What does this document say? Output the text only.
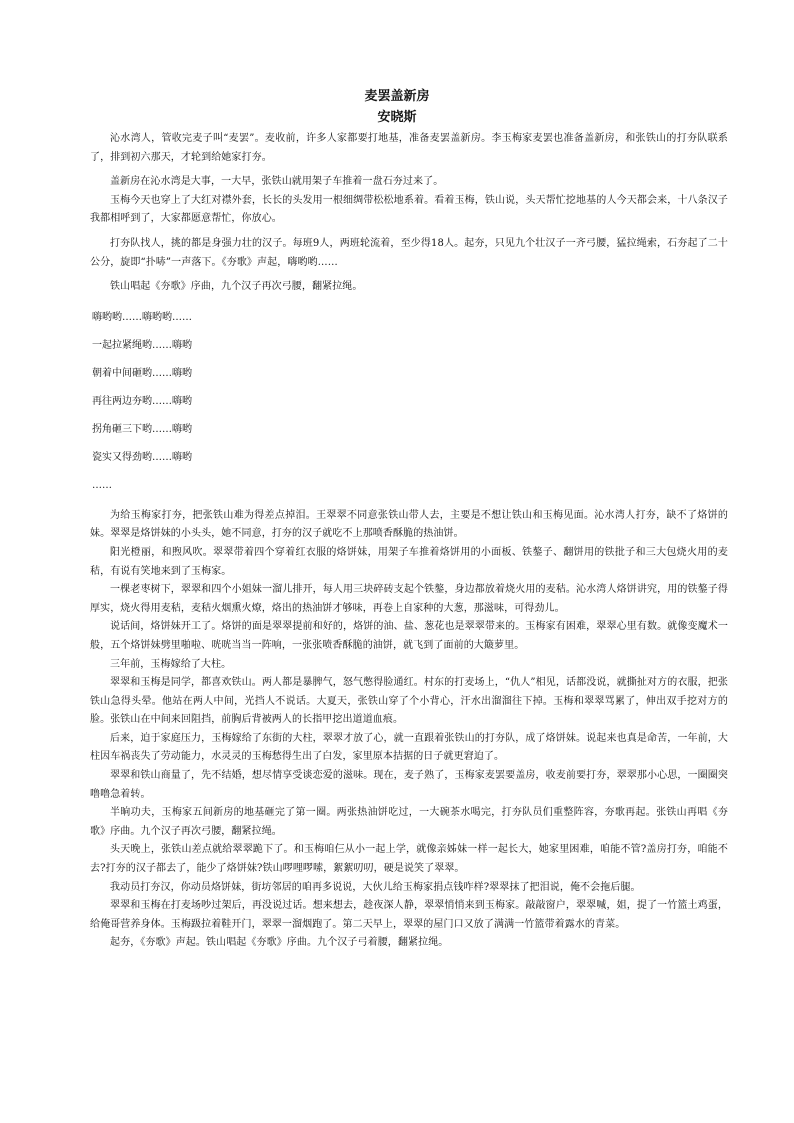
麦罢盖新房
安晓斯

沁水湾人，管收完麦子叫“麦罢”。麦收前，许多人家都要打地基，准备麦罢盖新房。李玉梅家麦罢也准备盖新房，和张铁山的打夯队联系了，排到初六那天，才轮到给她家打夯。

盖新房在沁水湾是大事，一大早，张铁山就用架子车推着一盘石夯过来了。

玉梅今天也穿上了大红对襟外套，长长的头发用一根细绸带松松地系着。看着玉梅，铁山说，头天帮忙挖地基的人今天都会来，十八条汉子我都相呼到了，大家都愿意帮忙，你放心。

打夯队找人，挑的都是身强力壮的汉子。每班9人，两班轮流着，至少得18人。起夯，只见九个壮汉子一齐弓腰，猛拉绳索，石夯起了二十公分，旋即“扑哧”一声落下。《夯歌》声起，嗨哟哟……

铁山唱起《夯歌》序曲，九个汉子再次弓腰，翻紧拉绳。

嗨哟哟……嗨哟哟……

一起拉紧绳哟……嗨哟

朝着中间砸哟……嗨哟

再往两边夯哟……嗨哟

拐角砸三下哟……嗨哟

瓷实又得劲哟……嗨哟

……

为给玉梅家打夯，把张铁山难为得差点掉泪。王翠翠不同意张铁山带人去，主要是不想让铁山和玉梅见面。沁水湾人打夯，缺不了烙饼的妹。翠翠是烙饼妹的小头头，她不同意，打夯的汉子就吃不上那喷香酥脆的热油饼。

阳光橙丽，和煦风吹。翠翠带着四个穿着红衣服的烙饼妹，用架子车推着烙饼用的小面板、铁鏊子、翻饼用的铁批子和三大包烧火用的麦秸，有说有笑地来到了玉梅家。

一棵老枣树下，翠翠和四个小姐妹一溜儿排开，每人用三块碎砖支起个铁鏊，身边都放着烧火用的麦秸。沁水湾人烙饼讲究，用的铁鏊子得厚实，烧火得用麦秸，麦秸火烟熏火燎，烙出的热油饼才够味，再卷上自家种的大葱，那滋味，可得劲儿。

说话间，烙饼妹开工了。烙饼的面是翠翠提前和好的，烙饼的油、盐、葱花也是翠翠带来的。玉梅家有困难，翠翠心里有数。就像变魔术一般，五个烙饼妹劈里啪啦、咣咣当当一阵响，一张张喷香酥脆的油饼，就飞到了面前的大簸萝里。

三年前，玉梅嫁给了大柱。

翠翠和玉梅是同学，都喜欢铁山。两人都是暴脾气，怒气憋得脸通红。村东的打麦场上，“仇人”相见，话都没说，就撕扯对方的衣服，把张铁山急得头晕。他站在两人中间，光挡人不说话。大夏天，张铁山穿了个小背心，汗水出溜溜往下掉。玉梅和翠翠骂累了，伸出双手挖对方的脸。张铁山在中间来回阻挡，前胸后背被两人的长指甲挖出道道血痕。

后来，迫于家庭压力，玉梅嫁给了东街的大柱，翠翠才放了心，就一直跟着张铁山的打夯队，成了烙饼妹。说起来也真是命苦，一年前，大柱因车祸丧失了劳动能力，水灵灵的玉梅愁得生出了白发，家里原本拮据的日子就更窘迫了。

翠翠和铁山商量了，先不结婚，想尽情享受谈恋爱的滋味。现在，麦子熟了，玉梅家麦罢要盖房，收麦前要打夯，翠翠那小心思，一圈圈突噜噜急着转。

半晌功夫，玉梅家五间新房的地基砸完了第一圈。两张热油饼吃过，一大碗茶水喝完，打夯队员们重整阵容，夯歌再起。张铁山再唱《夯歌》序曲。九个汉子再次弓腰，翻紧拉绳。

头天晚上，张铁山差点就给翠翠跪下了。和玉梅咱仨从小一起上学，就像亲姊妹一样一起长大，她家里困难，咱能不管?盖房打夯，咱能不去?打夯的汉子都去了，能少了烙饼妹?铁山啰哩啰嗦，絮絮叨叨，硬是说笑了翠翠。

我动员打夯汉，你动员烙饼妹，街坊邻居的咱再多说说，大伙儿给玉梅家捐点钱咋样?翠翠抹了把泪说，俺不会拖后腿。

翠翠和玉梅在打麦场吵过架后，再没说过话。想来想去，趁夜深人静，翠翠悄悄来到玉梅家。敲敲窗户，翠翠喊，姐，提了一竹篮土鸡蛋，给俺哥营养身体。玉梅趿拉着鞋开门，翠翠一溜烟跑了。第二天早上，翠翠的屋门口又放了满满一竹篮带着露水的青菜。

起夯，《夯歌》声起。铁山唱起《夯歌》序曲。九个汉子弓着腰，翻紧拉绳。
